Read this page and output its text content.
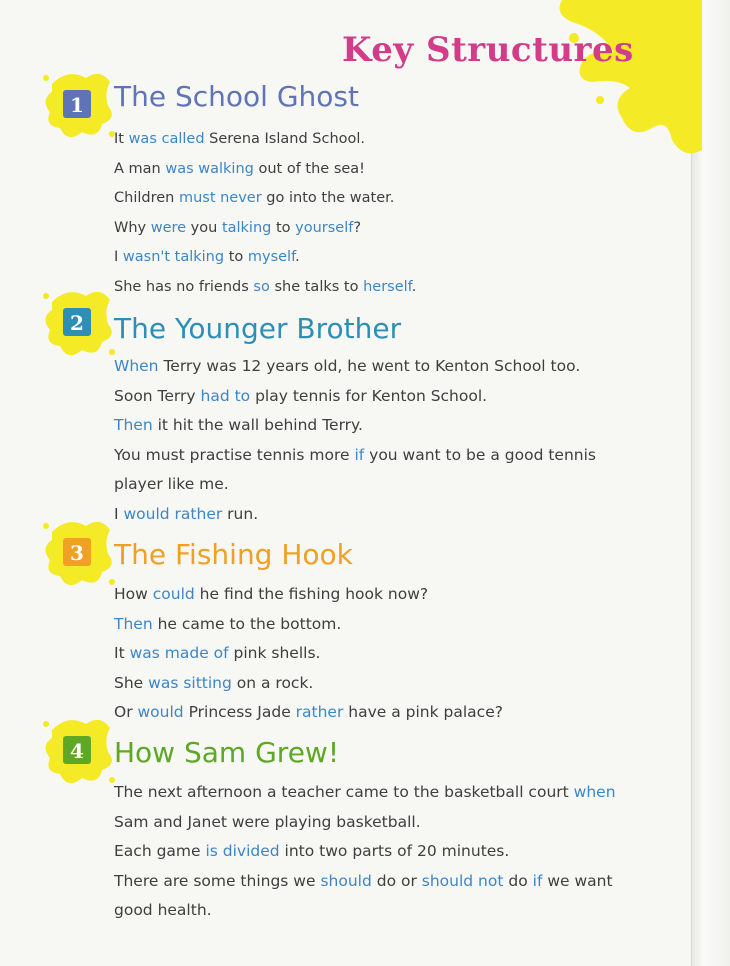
Key Structures
1 The School Ghost
It was called Serena Island School.
A man was walking out of the sea!
Children must never go into the water.
Why were you talking to yourself?
I wasn't talking to myself.
She has no friends so she talks to herself.
2 The Younger Brother
When Terry was 12 years old, he went to Kenton School too.
Soon Terry had to play tennis for Kenton School.
Then it hit the wall behind Terry.
You must practise tennis more if you want to be a good tennis
player like me.
I would rather run.
3 The Fishing Hook
How could he find the fishing hook now?
Then he came to the bottom.
It was made of pink shells.
She was sitting on a rock.
Or would Princess Jade rather have a pink palace?
4 How Sam Grew!
The next afternoon a teacher came to the basketball court when
Sam and Janet were playing basketball.
Each game is divided into two parts of 20 minutes.
There are some things we should do or should not do if we want
good health.
